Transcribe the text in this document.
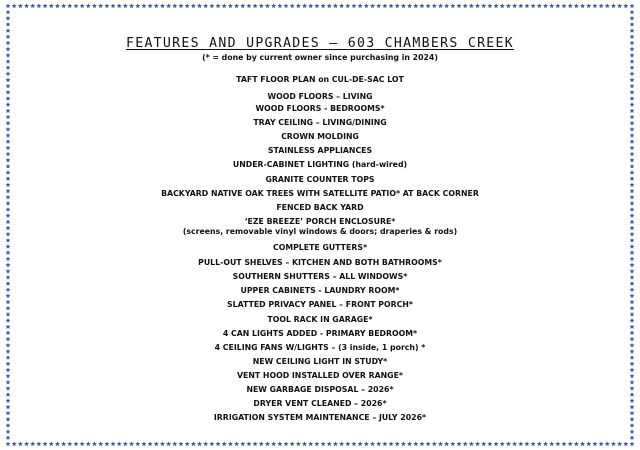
FEATURES AND UPGRADES – 603 CHAMBERS CREEK
(* = done by current owner since purchasing in 2024)
TAFT FLOOR PLAN on CUL-DE-SAC LOT
WOOD FLOORS – LIVING
WOOD FLOORS - BEDROOMS*
TRAY CEILING – LIVING/DINING
CROWN MOLDING
STAINLESS APPLIANCES
UNDER-CABINET LIGHTING (hard-wired)
GRANITE COUNTER TOPS
BACKYARD NATIVE OAK TREES WITH SATELLITE PATIO* AT BACK CORNER
FENCED BACK YARD
‘EZE BREEZE’ PORCH ENCLOSURE*
(screens, removable vinyl windows & doors; draperies & rods)
COMPLETE GUTTERS*
PULL-OUT SHELVES – KITCHEN AND BOTH BATHROOMS*
SOUTHERN SHUTTERS – ALL WINDOWS*
UPPER CABINETS - LAUNDRY ROOM*
SLATTED PRIVACY PANEL – FRONT PORCH*
TOOL RACK IN GARAGE*
4 CAN LIGHTS ADDED - PRIMARY BEDROOM*
4 CEILING FANS W/LIGHTS – (3 inside, 1 porch) *
NEW CEILING LIGHT IN STUDY*
VENT HOOD INSTALLED OVER RANGE*
NEW GARBAGE DISPOSAL – 2026*
DRYER VENT CLEANED – 2026*
IRRIGATION SYSTEM MAINTENANCE – JULY 2026*
